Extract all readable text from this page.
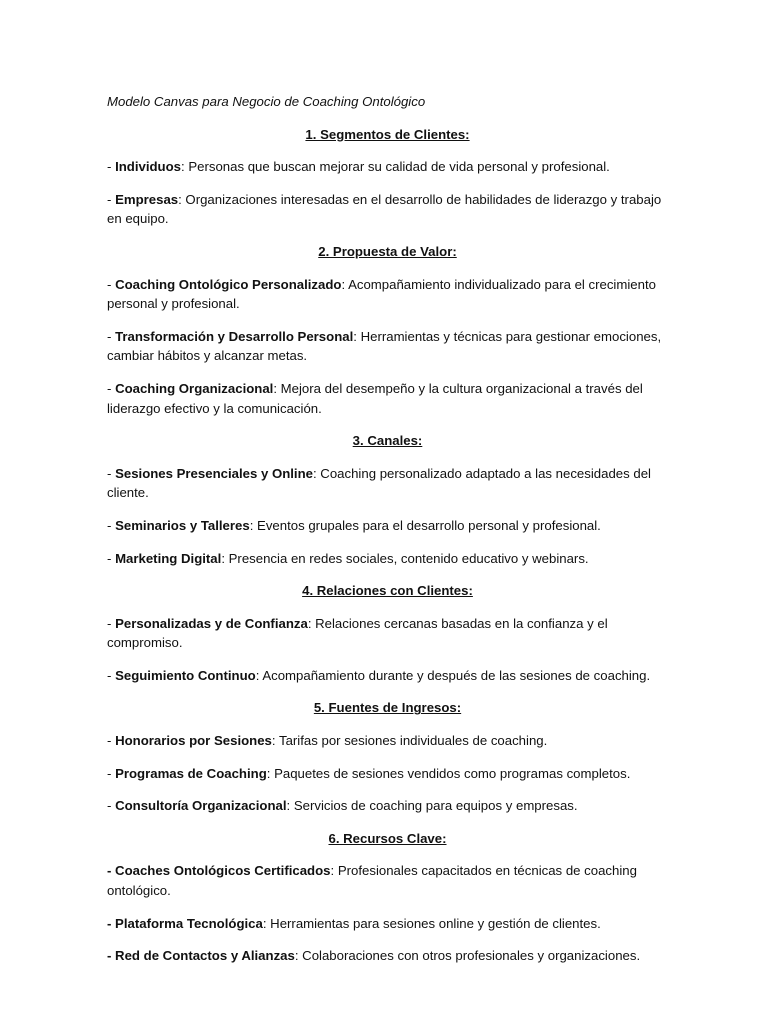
Modelo Canvas para Negocio de Coaching Ontológico
1. Segmentos de Clientes:
- Individuos: Personas que buscan mejorar su calidad de vida personal y profesional.
- Empresas: Organizaciones interesadas en el desarrollo de habilidades de liderazgo y trabajo en equipo.
2. Propuesta de Valor:
- Coaching Ontológico Personalizado: Acompañamiento individualizado para el crecimiento personal y profesional.
- Transformación y Desarrollo Personal: Herramientas y técnicas para gestionar emociones, cambiar hábitos y alcanzar metas.
- Coaching Organizacional: Mejora del desempeño y la cultura organizacional a través del liderazgo efectivo y la comunicación.
3. Canales:
- Sesiones Presenciales y Online: Coaching personalizado adaptado a las necesidades del cliente.
- Seminarios y Talleres: Eventos grupales para el desarrollo personal y profesional.
- Marketing Digital: Presencia en redes sociales, contenido educativo y webinars.
4. Relaciones con Clientes:
- Personalizadas y de Confianza: Relaciones cercanas basadas en la confianza y el compromiso.
- Seguimiento Continuo: Acompañamiento durante y después de las sesiones de coaching.
5. Fuentes de Ingresos:
- Honorarios por Sesiones: Tarifas por sesiones individuales de coaching.
- Programas de Coaching: Paquetes de sesiones vendidos como programas completos.
- Consultoría Organizacional: Servicios de coaching para equipos y empresas.
6. Recursos Clave:
- Coaches Ontológicos Certificados: Profesionales capacitados en técnicas de coaching ontológico.
- Plataforma Tecnológica: Herramientas para sesiones online y gestión de clientes.
- Red de Contactos y Alianzas: Colaboraciones con otros profesionales y organizaciones.
